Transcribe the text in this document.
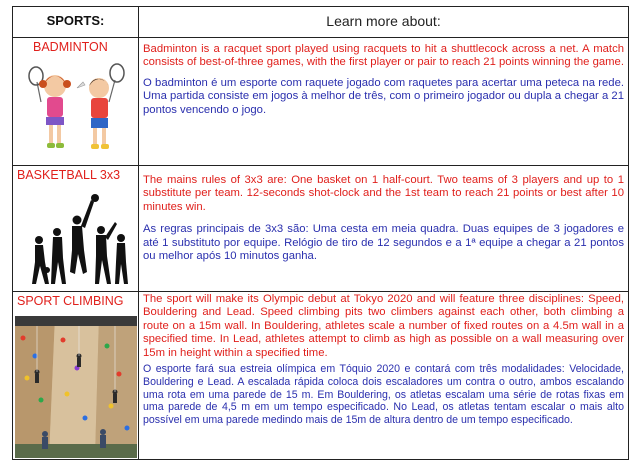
SPORTS:	Learn more about:

BADMINTON	Badminton is a racquet sport played using racquets to hit a shuttlecock across a net. A match consists of best-of-three games, with the first player or pair to reach 21 points winning the game.

O badminton é um esporte com raquete jogado com raquetes para acertar uma peteca na rede. Uma partida consiste em jogos à melhor de três, com o primeiro jogador ou dupla a chegar a 21 pontos vencendo o jogo.

BASKETBALL 3x3	The mains rules of 3x3 are: One basket on 1 half-court. Two teams of 3 players and up to 1 substitute per team. 12-seconds shot-clock and the 1st team to reach 21 points or best after 10 minutes win.

As regras principais de 3x3 são: Uma cesta em meia quadra. Duas equipes de 3 jogadores e até 1 substituto por equipe. Relógio de tiro de 12 segundos e a 1ª equipe a chegar a 21 pontos ou melhor após 10 minutos ganha.

SPORT CLIMBING	The sport will make its Olympic debut at Tokyo 2020 and will feature three disciplines: Speed, Bouldering and Lead. Speed climbing pits two climbers against each other, both climbing a route on a 15m wall. In Bouldering, athletes scale a number of fixed routes on a 4.5m wall in a specified time. In Lead, athletes attempt to climb as high as possible on a wall measuring over 15m in height within a specified time.

O esporte fará sua estreia olímpica em Tóquio 2020 e contará com três modalidades: Velocidade, Bouldering e Lead. A escalada rápida coloca dois escaladores um contra o outro, ambos escalando uma rota em uma parede de 15 m. Em Bouldering, os atletas escalam uma série de rotas fixas em uma parede de 4,5 m em um tempo especificado. No Lead, os atletas tentam escalar o mais alto possível em uma parede medindo mais de 15m de altura dentro de um tempo especificado.
